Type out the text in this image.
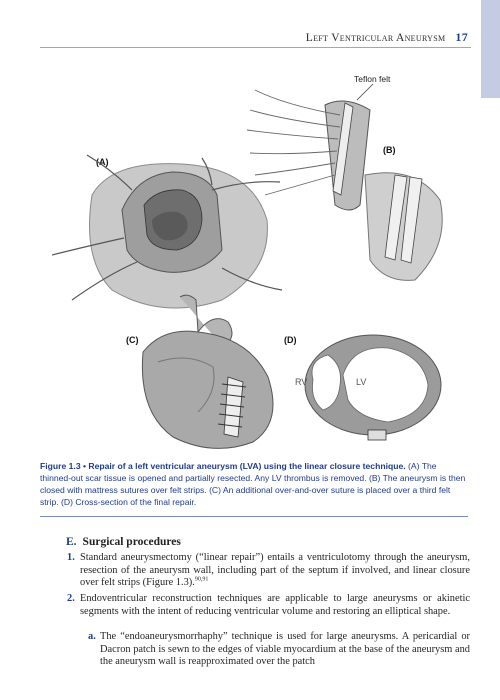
Left Ventricular Aneurysm 17
(A)
Teflon felt
(B)
(C)	(D)
RV	LV
Figure 1.3 • Repair of a left ventricular aneurysm (LVA) using the linear closure technique. (A) The thinned-out scar tissue is opened and partially resected. Any LV thrombus is removed. (B) The aneurysm is then closed with mattress sutures over felt strips. (C) An additional over-and-over suture is placed over a third felt strip. (D) Cross-section of the final repair.
E. Surgical procedures
1. Standard aneurysmectomy (“linear repair”) entails a ventriculotomy through the aneurysm, resection of the aneurysm wall, including part of the septum if involved, and linear closure over felt strips (Figure 1.3).$^{90,91}$
2. Endoventricular reconstruction techniques are applicable to large aneurysms or akinetic segments with the intent of reducing ventricular volume and restoring an elliptical shape.
a. The “endoaneurysmorrhaphy” technique is used for large aneurysms. A pericardial or Dacron patch is sewn to the edges of viable myocardium at the base of the aneurysm and the aneurysm wall is reapproximated over the patch
